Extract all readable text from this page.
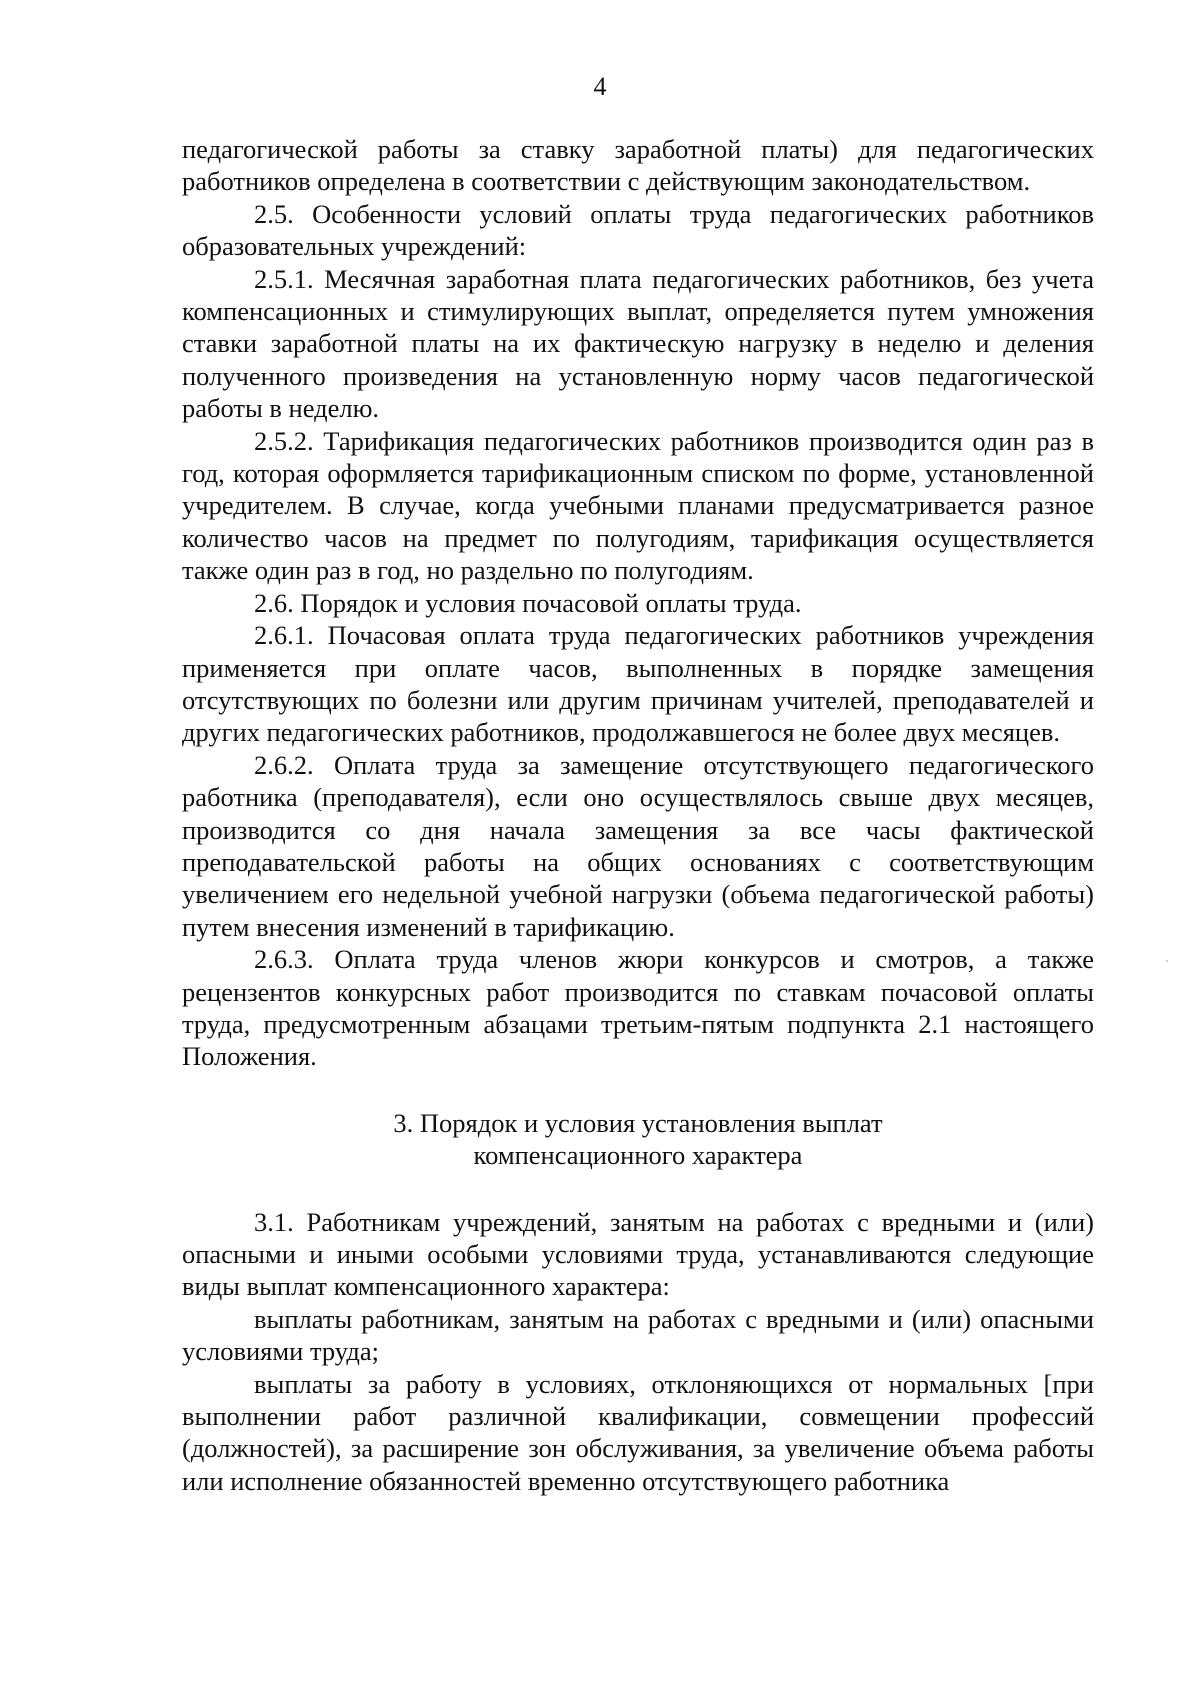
4

педагогической работы за ставку заработной платы) для педагогических работников определена в соответствии с действующим законодательством.

2.5. Особенности условий оплаты труда педагогических работников образовательных учреждений:

2.5.1. Месячная заработная плата педагогических работников, без учета компенсационных и стимулирующих выплат, определяется путем умножения ставки заработной платы на их фактическую нагрузку в неделю и деления полученного произведения на установленную норму часов педагогической работы в неделю.

2.5.2. Тарификация педагогических работников производится один раз в год, которая оформляется тарификационным списком по форме, установленной учредителем. В случае, когда учебными планами предусматривается разное количество часов на предмет по полугодиям, тарификация осуществляется также один раз в год, но раздельно по полугодиям.

2.6. Порядок и условия почасовой оплаты труда.

2.6.1. Почасовая оплата труда педагогических работников учреждения применяется при оплате часов, выполненных в порядке замещения отсутствующих по болезни или другим причинам учителей, преподавателей и других педагогических работников, продолжавшегося не более двух месяцев.

2.6.2. Оплата труда за замещение отсутствующего педагогического работника (преподавателя), если оно осуществлялось свыше двух месяцев, производится со дня начала замещения за все часы фактической преподавательской работы на общих основаниях с соответствующим увеличением его недельной учебной нагрузки (объема педагогической работы) путем внесения изменений в тарификацию.

2.6.3. Оплата труда членов жюри конкурсов и смотров, а также рецензентов конкурсных работ производится по ставкам почасовой оплаты труда, предусмотренным абзацами третьим-пятым подпункта 2.1 настоящего Положения.

3. Порядок и условия установления выплат
компенсационного характера

3.1. Работникам учреждений, занятым на работах с вредными и (или) опасными и иными особыми условиями труда, устанавливаются следующие виды выплат компенсационного характера:

выплаты работникам, занятым на работах с вредными и (или) опасными условиями труда;

выплаты за работу в условиях, отклоняющихся от нормальных [при выполнении работ различной квалификации, совмещении профессий (должностей), за расширение зон обслуживания, за увеличение объема работы или исполнение обязанностей временно отсутствующего работника
